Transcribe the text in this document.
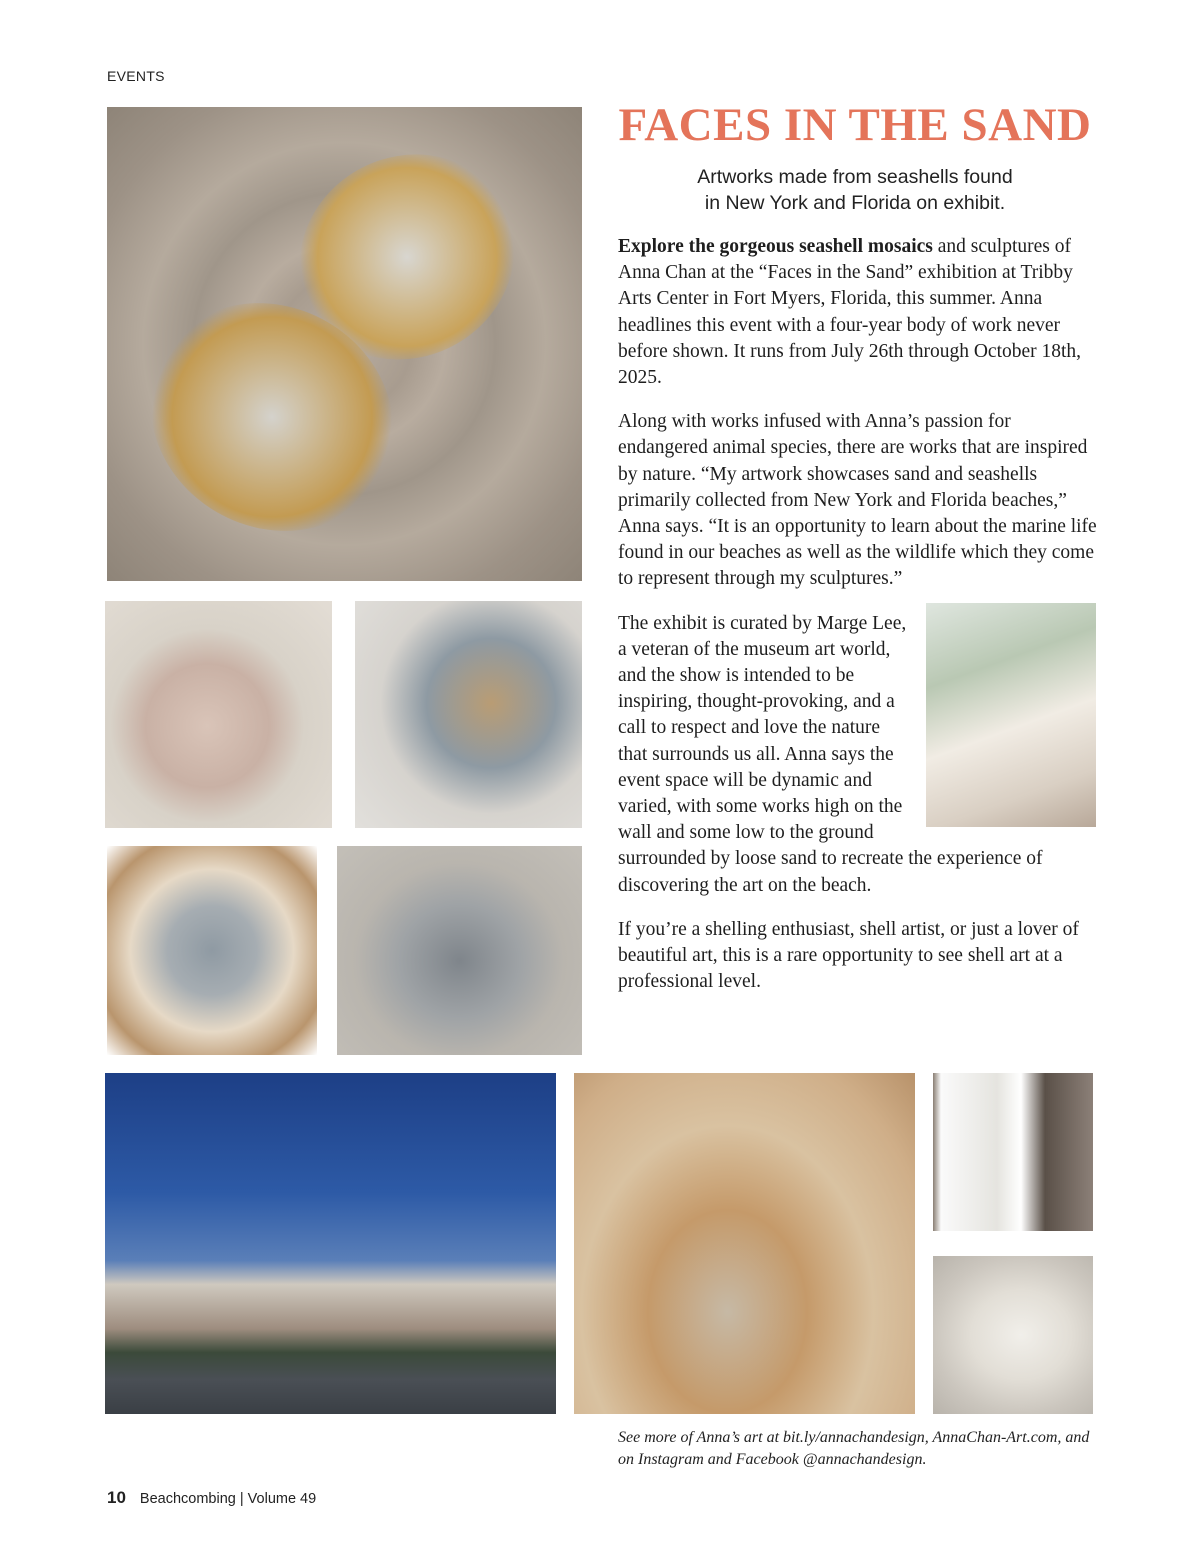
EVENTS
FACES IN THE SAND
Artworks made from seashells found
in New York and Florida on exhibit.

Explore the gorgeous seashell mosaics and sculptures of Anna Chan at the “Faces in the Sand” exhibition at Tribby Arts Center in Fort Myers, Florida, this summer. Anna headlines this event with a four-year body of work never before shown. It runs from July 26th through October 18th, 2025.

Along with works infused with Anna’s passion for endangered animal species, there are works that are inspired by nature. “My artwork showcases sand and seashells primarily collected from New York and Florida beaches,” Anna says. “It is an opportunity to learn about the marine life found in our beaches as well as the wildlife which they come to represent through my sculptures.”

The exhibit is curated by Marge Lee, a veteran of the museum art world, and the show is intended to be inspiring, thought-provoking, and a call to respect and love the nature that surrounds us all. Anna says the event space will be dynamic and varied, with some works high on the wall and some low to the ground surrounded by loose sand to recreate the experience of discovering the art on the beach.

If you’re a shelling enthusiast, shell artist, or just a lover of beautiful art, this is a rare opportunity to see shell art at a professional level.

See more of Anna’s art at bit.ly/annachandesign, AnnaChan-Art.com, and on Instagram and Facebook @annachandesign.
10 Beachcombing | Volume 49
